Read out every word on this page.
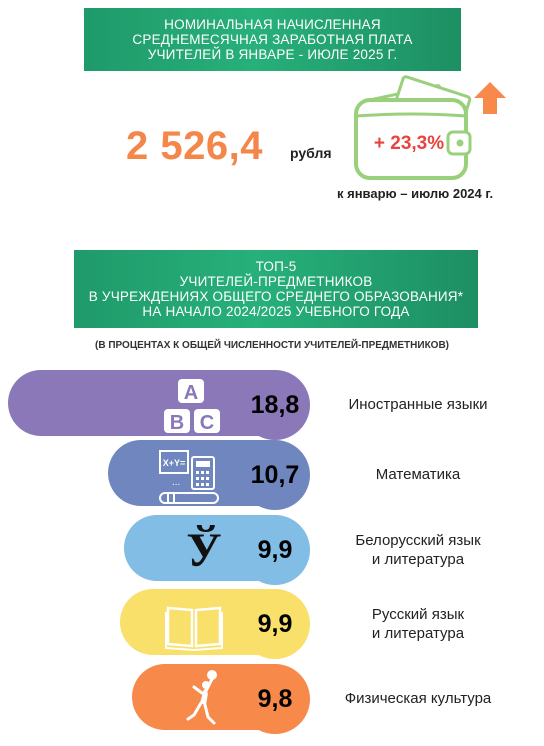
НОМИНАЛЬНАЯ НАЧИСЛЕННАЯ
СРЕДНЕМЕСЯЧНАЯ ЗАРАБОТНАЯ ПЛАТА
УЧИТЕЛЕЙ В ЯНВАРЕ - ИЮЛЕ 2025 Г.
2 526,4 рубля	+ 23,3%
к январю – июлю 2024 г.
ТОП-5
УЧИТЕЛЕЙ-ПРЕДМЕТНИКОВ
В УЧРЕЖДЕНИЯХ ОБЩЕГО СРЕДНЕГО ОБРАЗОВАНИЯ*
НА НАЧАЛО 2024/2025 УЧЕБНОГО ГОДА
(В ПРОЦЕНТАХ К ОБЩЕЙ ЧИСЛЕННОСТИ УЧИТЕЛЕЙ-ПРЕДМЕТНИКОВ)
A
B C
18,8	Иностранные языки
X+Y=
...	10,7	Математика
Ў	9,9	Белорусский язык
и литература
9,9	Русский язык
и литература
9,8	Физическая культура
